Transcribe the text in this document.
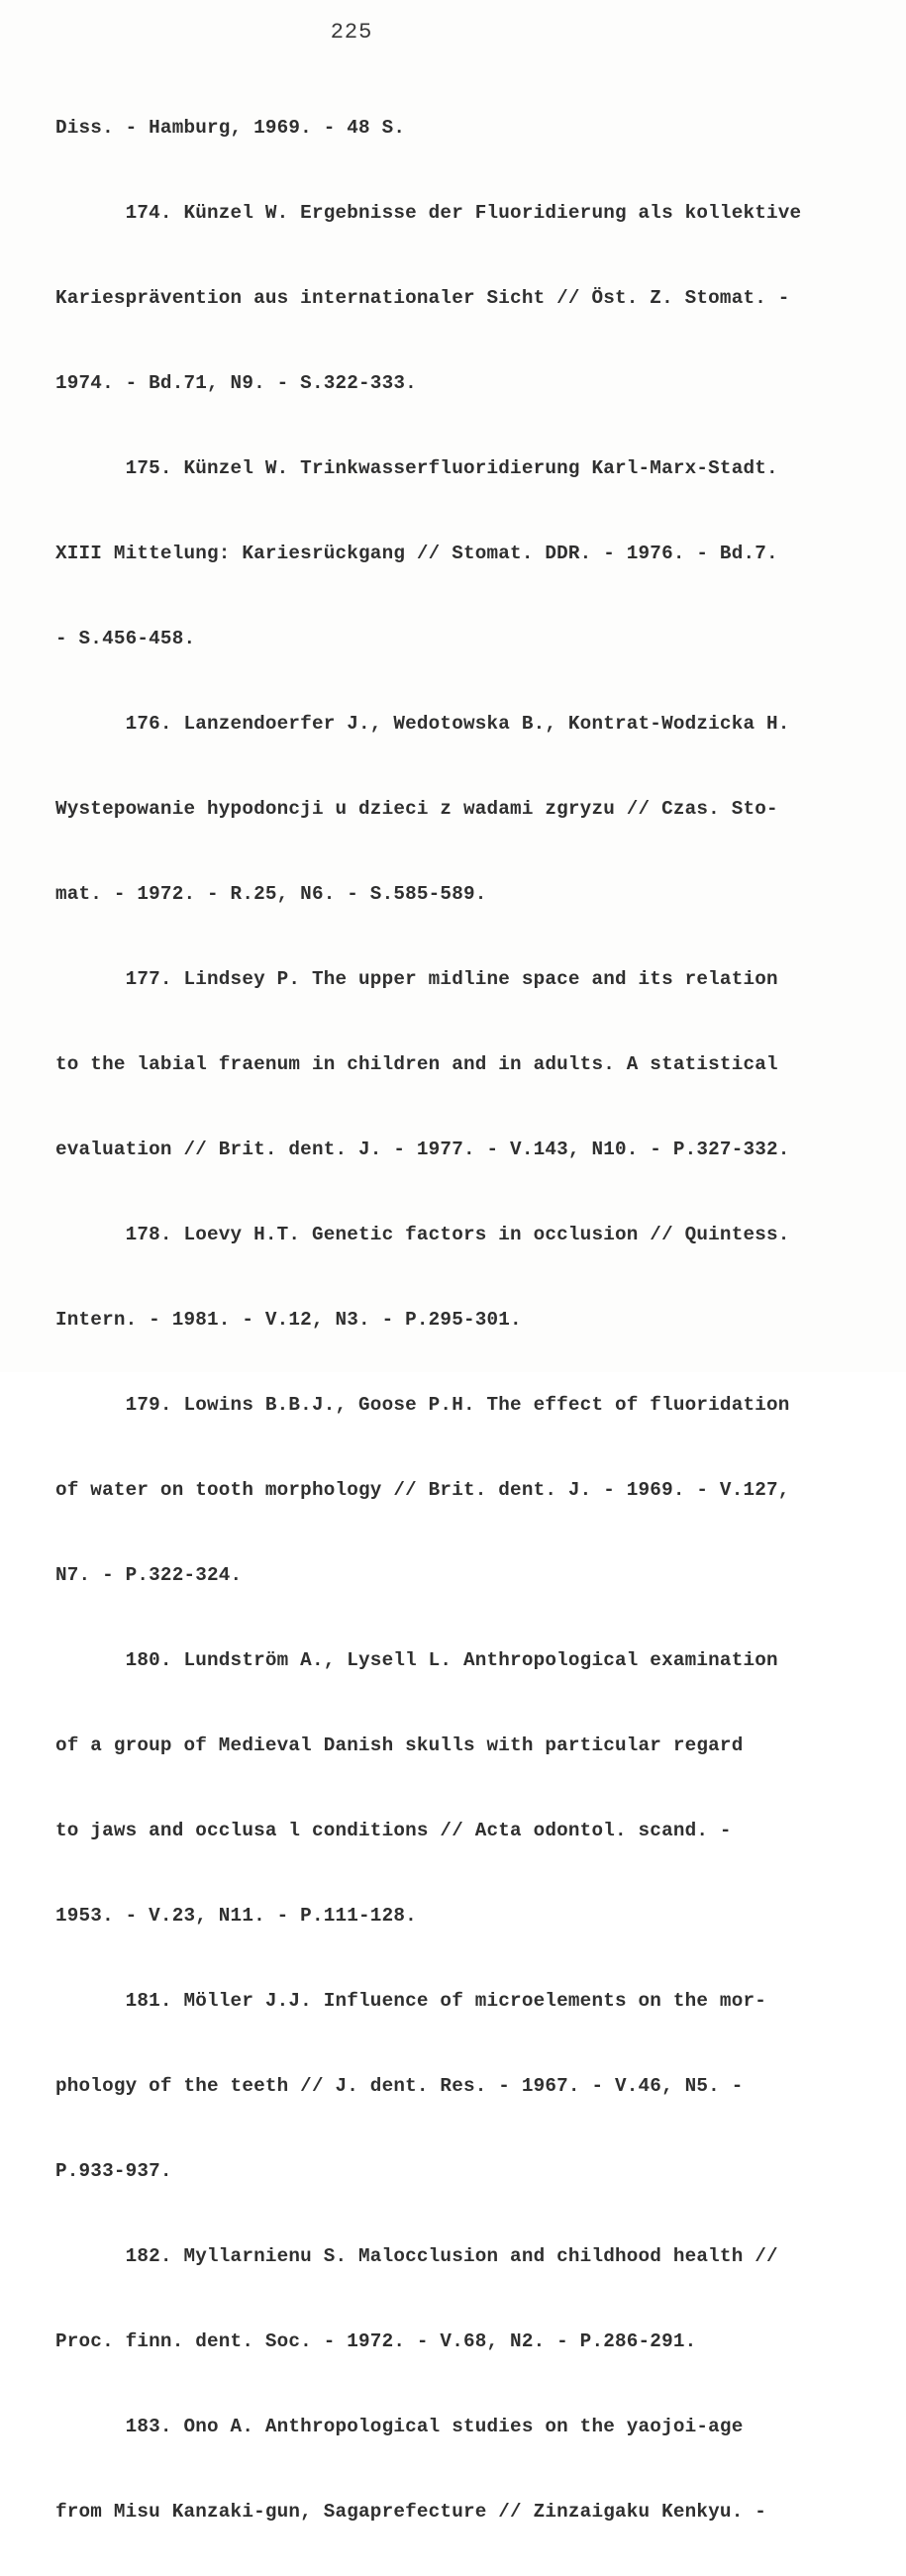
225

Diss. - Hamburg, 1969. - 48 S.

174. Künzel W. Ergebnisse der Fluoridierung als kollektive

Kariesprävention aus internationaler Sicht // Öst. Z. Stomat. -

1974. - Bd.71, N9. - S.322-333.

175. Künzel W. Trinkwasserfluoridierung Karl-Marx-Stadt.

XIII Mittelung: Kariesrückgang // Stomat. DDR. - 1976. - Bd.7.

- S.456-458.

176. Lanzendoerfer J., Wedotowska B., Kontrat-Wodzicka H.

Wystepowanie hypodoncji u dzieci z wadami zgryzu // Czas. Sto-

mat. - 1972. - R.25, N6. - S.585-589.

177. Lindsey P. The upper midline space and its relation

to the labial fraenum in children and in adults. A statistical

evaluation // Brit. dent. J. - 1977. - V.143, N10. - P.327-332.

178. Loevy H.T. Genetic factors in occlusion // Quintess.

Intern. - 1981. - V.12, N3. - P.295-301.

179. Lowins B.B.J., Goose P.H. The effect of fluoridation

of water on tooth morphology // Brit. dent. J. - 1969. - V.127,

N7. - P.322-324.

180. Lundström A., Lysell L. Anthropological examination

of a group of Medieval Danish skulls with particular regard

to jaws and occlusa l conditions // Acta odontol. scand. -

1953. - V.23, N11. - P.111-128.

181. Möller J.J. Influence of microelements on the mor-

phology of the teeth // J. dent. Res. - 1967. - V.46, N5. -

P.933-937.

182. Myllarnienu S. Malocclusion and childhood health //

Proc. finn. dent. Soc. - 1972. - V.68, N2. - P.286-291.

183. Ono A. Anthropological studies on the yaojoi-age

from Misu Kanzaki-gun, Sagaprefecture // Zinzaigaku Kenkyu. -
